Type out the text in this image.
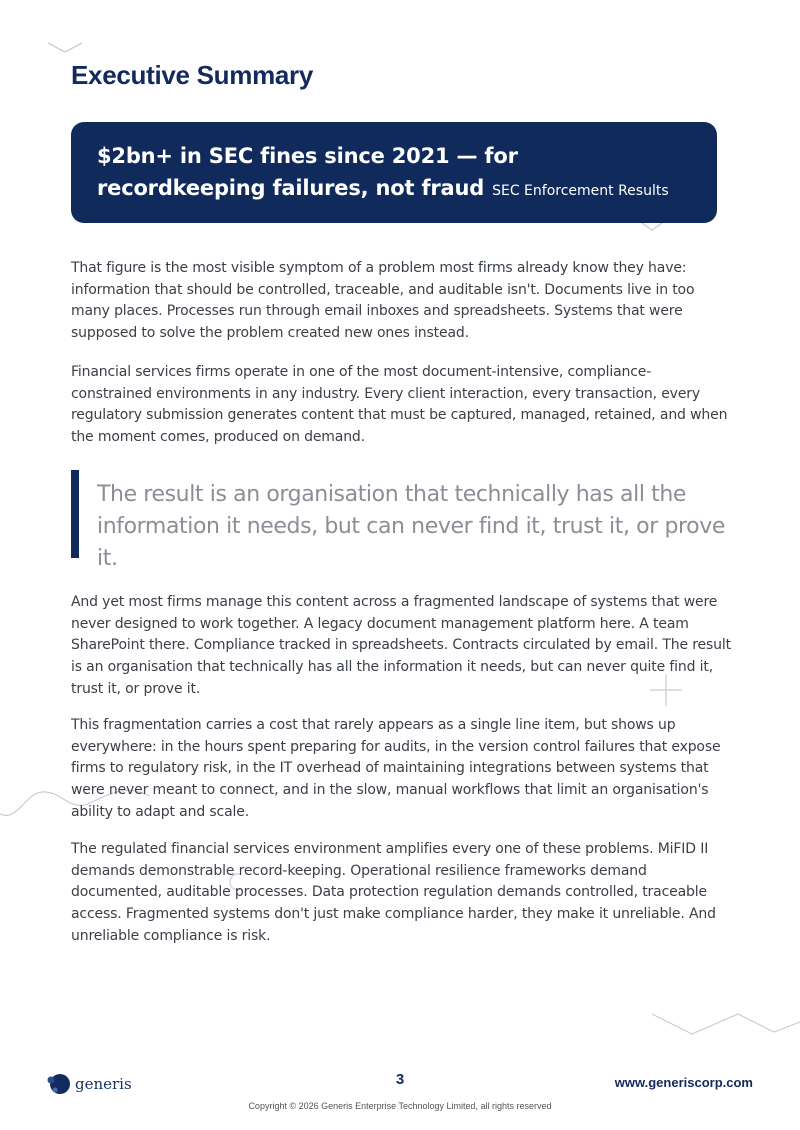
Executive Summary
$2bn+ in SEC fines since 2021 — for recordkeeping failures, not fraud SEC Enforcement Results

That figure is the most visible symptom of a problem most firms already know they have: information that should be controlled, traceable, and auditable isn't. Documents live in too many places. Processes run through email inboxes and spreadsheets. Systems that were supposed to solve the problem created new ones instead.

Financial services firms operate in one of the most document-intensive, compliance-constrained environments in any industry. Every client interaction, every transaction, every regulatory submission generates content that must be captured, managed, retained, and when the moment comes, produced on demand.

The result is an organisation that technically has all the information it needs, but can never find it, trust it, or prove it.

And yet most firms manage this content across a fragmented landscape of systems that were never designed to work together. A legacy document management platform here. A team SharePoint there. Compliance tracked in spreadsheets. Contracts circulated by email. The result is an organisation that technically has all the information it needs, but can never quite find it, trust it, or prove it.

This fragmentation carries a cost that rarely appears as a single line item, but shows up everywhere: in the hours spent preparing for audits, in the version control failures that expose firms to regulatory risk, in the IT overhead of maintaining integrations between systems that were never meant to connect, and in the slow, manual workflows that limit an organisation's ability to adapt and scale.

The regulated financial services environment amplifies every one of these problems. MiFID II demands demonstrable record-keeping. Operational resilience frameworks demand documented, auditable processes. Data protection regulation demands controlled, traceable access. Fragmented systems don't just make compliance harder, they make it unreliable. And unreliable compliance is risk.

generis	3	www.generiscorp.com
Copyright © 2026 Generis Enterprise Technology Limited, all rights reserved
